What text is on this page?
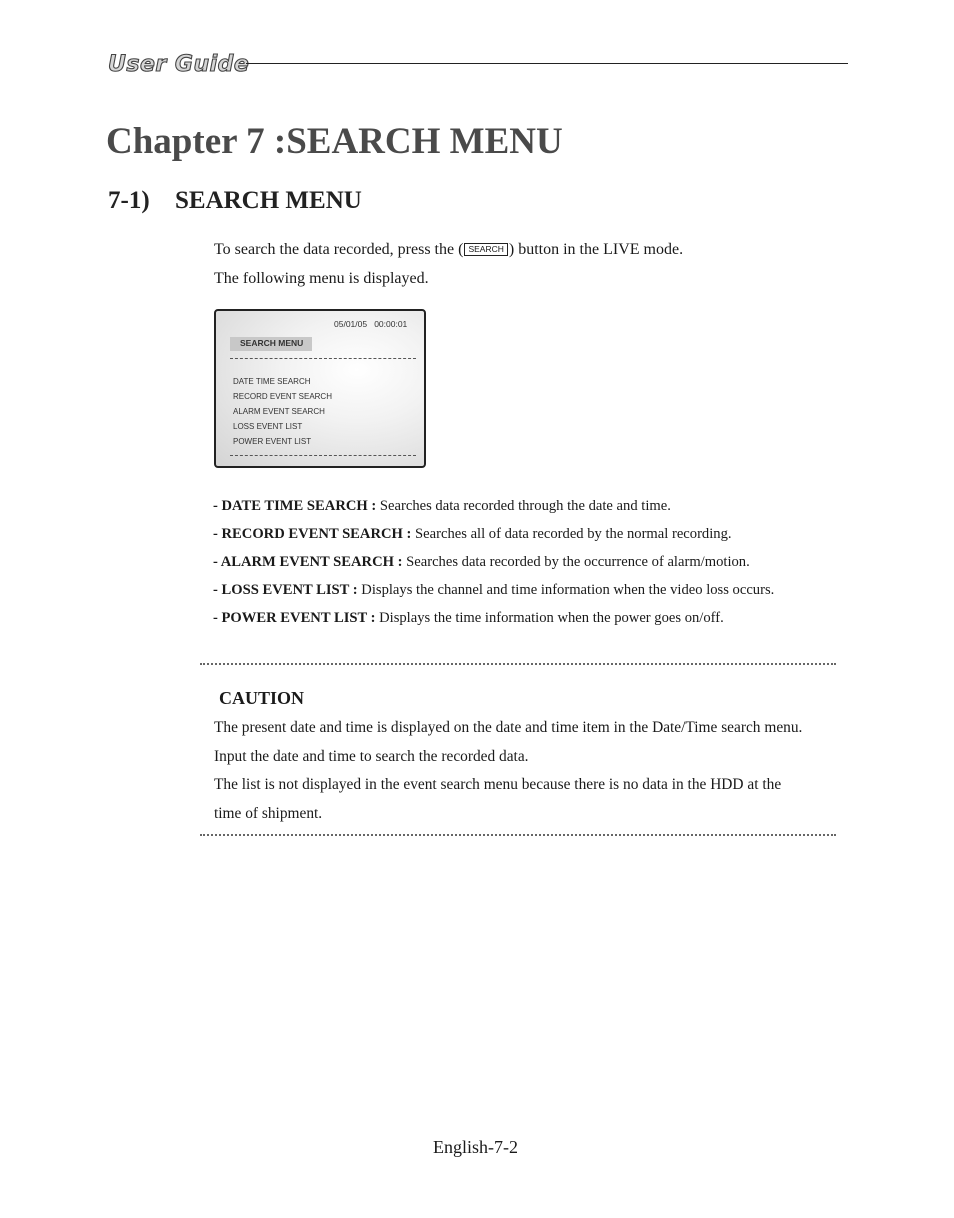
User Guide
Chapter 7 :SEARCH MENU
7-1) SEARCH MENU

To search the data recorded, press the ( SEARCH ) button in the LIVE mode.

The following menu is displayed.

05/01/05 00:00:01
SEARCH MENU
DATE TIME SEARCH
RECORD EVENT SEARCH
ALARM EVENT SEARCH
LOSS EVENT LIST
POWER EVENT LIST
- DATE TIME SEARCH : Searches data recorded through the date and time.
- RECORD EVENT SEARCH : Searches all of data recorded by the normal recording.
- ALARM EVENT SEARCH : Searches data recorded by the occurrence of alarm/motion.
- LOSS EVENT LIST : Displays the channel and time information when the video loss occurs.
- POWER EVENT LIST : Displays the time information when the power goes on/off.
CAUTION
The present date and time is displayed on the date and time item in the Date/Time search menu.
Input the date and time to search the recorded data.
The list is not displayed in the event search menu because there is no data in the HDD at the
time of shipment.
English-7-2
